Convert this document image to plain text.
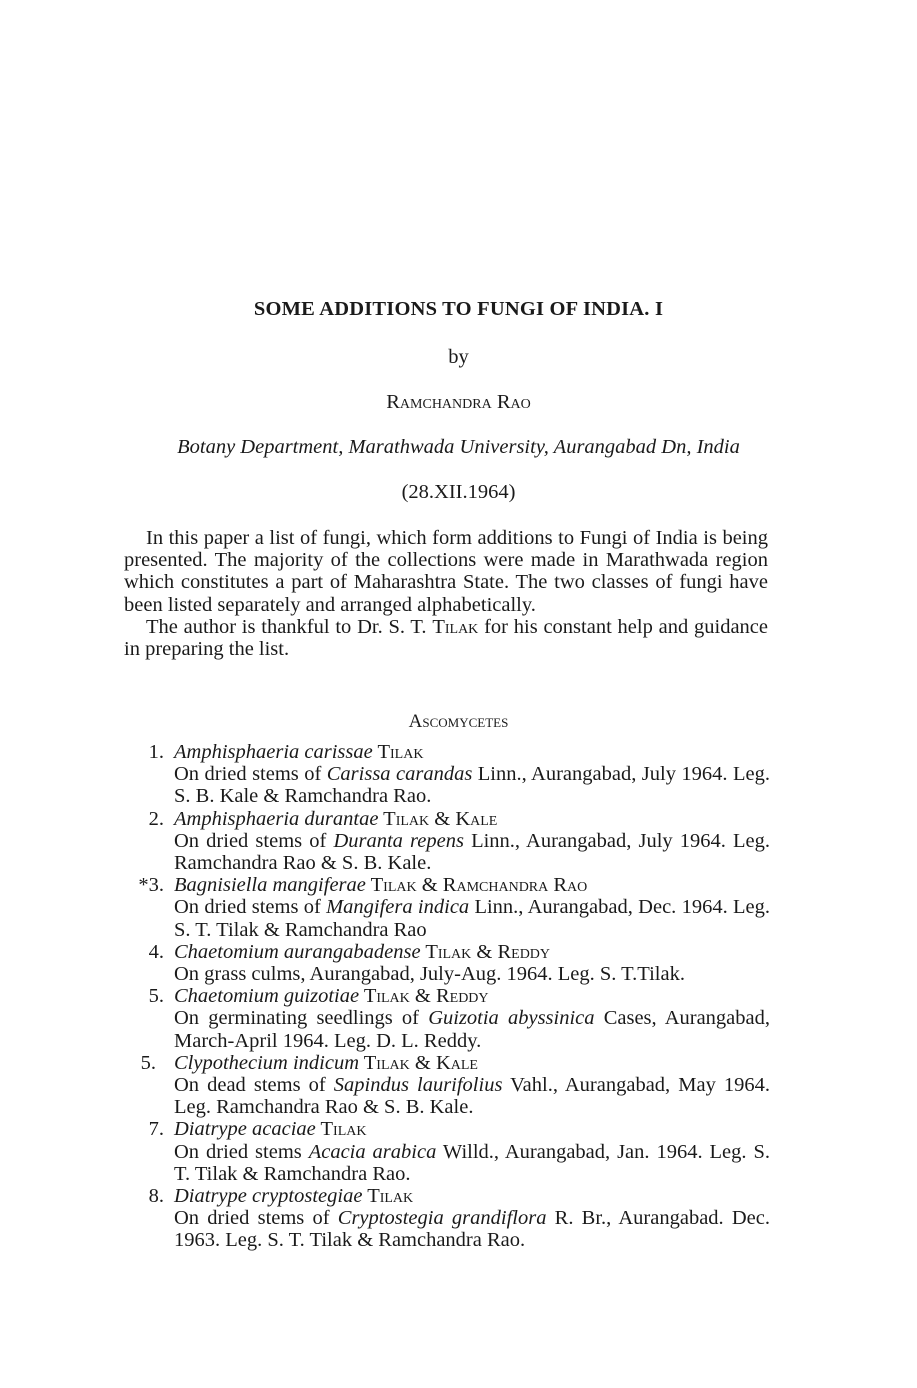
SOME ADDITIONS TO FUNGI OF INDIA. I
by
Ramchandra Rao
Botany Department, Marathwada University, Aurangabad Dn, India
(28.XII.1964)

In this paper a list of fungi, which form additions to Fungi of India is being presented. The majority of the collections were made in Marathwada region which constitutes a part of Maharashtra State. The two classes of fungi have been listed separately and arranged alphabetically.

The author is thankful to Dr. S. T. Tilak for his constant help and guidance in preparing the list.

Ascomycetes
1. Amphisphaeria carissae Tilak
On dried stems of Carissa carandas Linn., Aurangabad, July 1964. Leg. S. B. Kale & Ramchandra Rao.
2. Amphisphaeria durantae Tilak & Kale
On dried stems of Duranta repens Linn., Aurangabad, July 1964. Leg. Ramchandra Rao & S. B. Kale.
*3. Bagnisiella mangiferae Tilak & Ramchandra Rao
On dried stems of Mangifera indica Linn., Aurangabad, Dec. 1964. Leg. S. T. Tilak & Ramchandra Rao
4. Chaetomium aurangabadense Tilak & Reddy
On grass culms, Aurangabad, July-Aug. 1964. Leg. S. T.Tilak.
5. Chaetomium guizotiae Tilak & Reddy
On germinating seedlings of Guizotia abyssinica Cases, Aurangabad, March-April 1964. Leg. D. L. Reddy.
5. Clypothecium indicum Tilak & Kale
On dead stems of Sapindus laurifolius Vahl., Aurangabad, May 1964. Leg. Ramchandra Rao & S. B. Kale.
7. Diatrype acaciae Tilak
On dried stems Acacia arabica Willd., Aurangabad, Jan. 1964. Leg. S. T. Tilak & Ramchandra Rao.
8. Diatrype cryptostegiae Tilak
On dried stems of Cryptostegia grandiflora R. Br., Aurangabad. Dec. 1963. Leg. S. T. Tilak & Ramchandra Rao.
